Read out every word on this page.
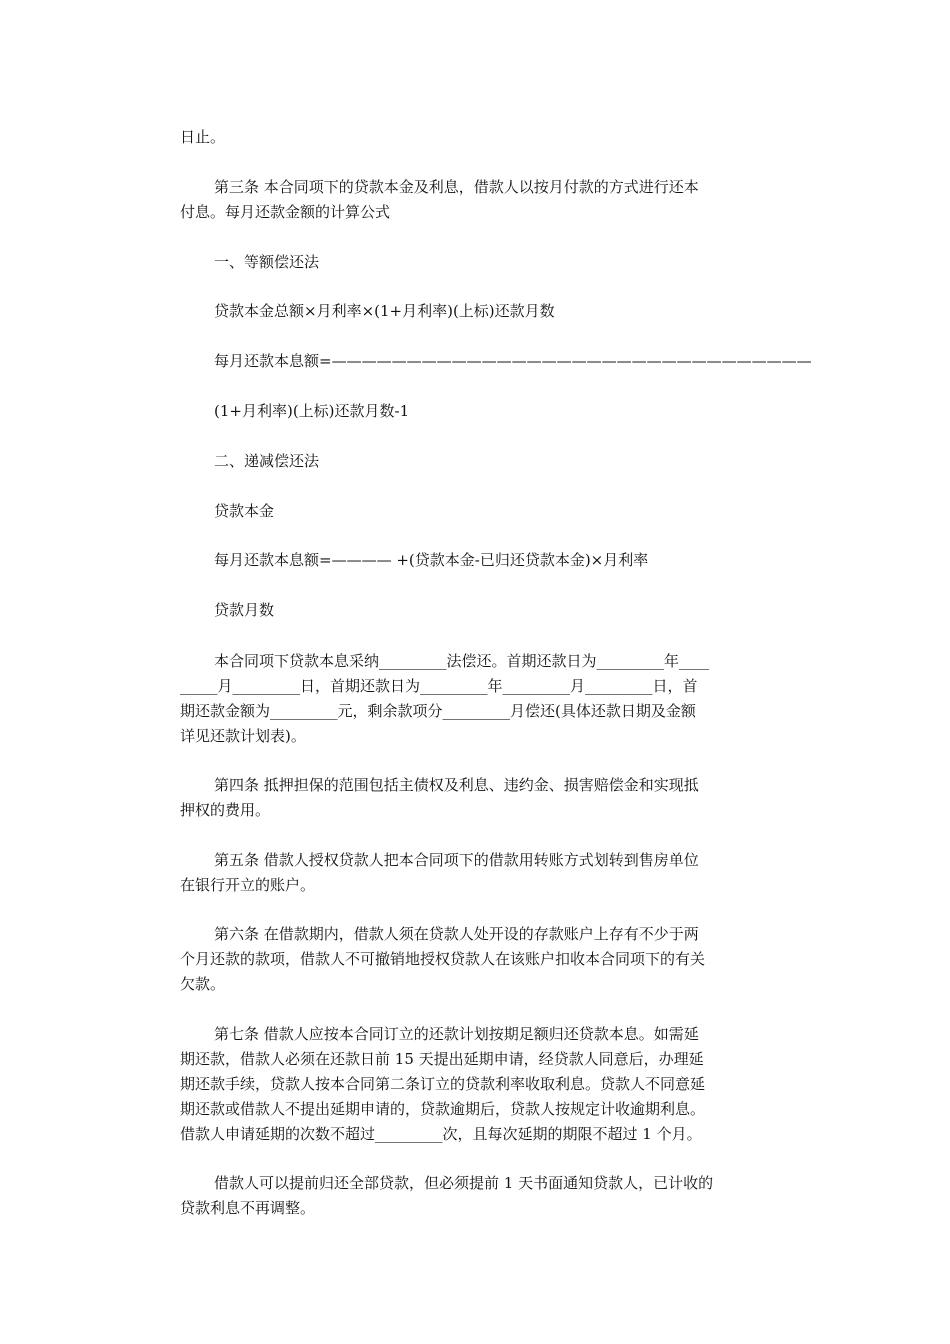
日止。

第三条 本合同项下的贷款本金及利息，借款人以按月付款的方式进行还本

付息。每月还款金额的计算公式

一、等额偿还法

贷款本金总额×月利率×(1+月利率)(上标)还款月数

每月还款本息额=————————————————————————————————

(1+月利率)(上标)还款月数-1

二、递减偿还法

贷款本金

每月还款本息额=———— +(贷款本金-已归还贷款本金)×月利率

贷款月数

本合同项下贷款本息采纳_________法偿还。首期还款日为_________年____

_____月_________日，首期还款日为_________年_________月_________日，首

期还款金额为_________元，剩余款项分_________月偿还(具体还款日期及金额

详见还款计划表)。

第四条 抵押担保的范围包括主债权及利息、违约金、损害赔偿金和实现抵

押权的费用。

第五条 借款人授权贷款人把本合同项下的借款用转账方式划转到售房单位

在银行开立的账户。

第六条 在借款期内，借款人须在贷款人处开设的存款账户上存有不少于两

个月还款的款项，借款人不可撤销地授权贷款人在该账户扣收本合同项下的有关

欠款。

第七条 借款人应按本合同订立的还款计划按期足额归还贷款本息。如需延

期还款，借款人必须在还款日前 15 天提出延期申请，经贷款人同意后，办理延

期还款手续，贷款人按本合同第二条订立的贷款利率收取利息。贷款人不同意延

期还款或借款人不提出延期申请的，贷款逾期后，贷款人按规定计收逾期利息。

借款人申请延期的次数不超过_________次，且每次延期的期限不超过 1 个月。

借款人可以提前归还全部贷款，但必须提前 1 天书面通知贷款人，已计收的

贷款利息不再调整。
